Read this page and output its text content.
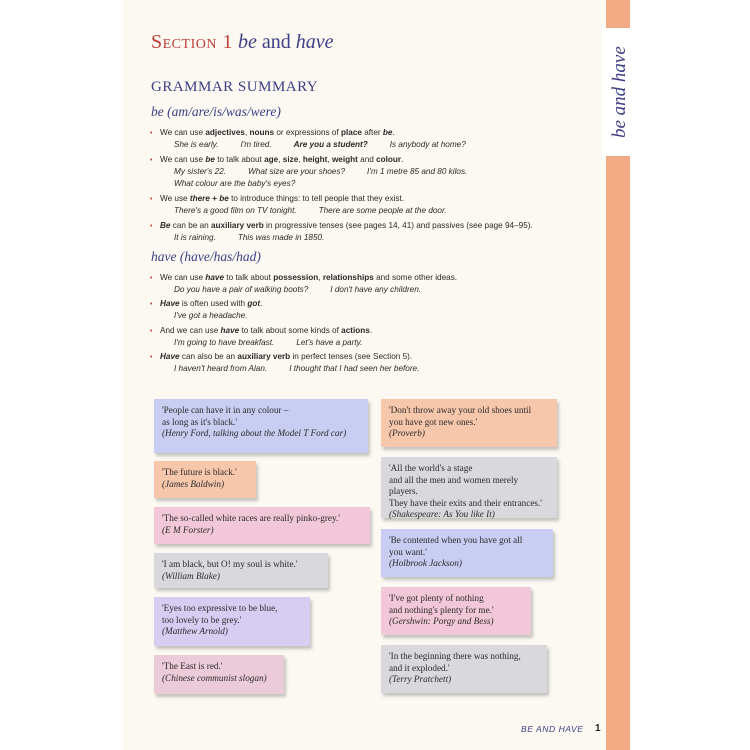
be and have
Section 1 be and have
GRAMMAR SUMMARY
be (am/are/is/was/were)
• We can use adjectives, nouns or expressions of place after be.
She is early.	I'm tired.	Are you a student?	Is anybody at home?
• We can use be to talk about age, size, height, weight and colour.
My sister's 22.	What size are your shoes?	I'm 1 metre 85 and 80 kilos.
What colour are the baby's eyes?
• We use there + be to introduce things: to tell people that they exist.
There's a good film on TV tonight.	There are some people at the door.
• Be can be an auxiliary verb in progressive tenses (see pages 14, 41) and passives (see page 94–95).
It is raining.	This was made in 1850.
have (have/has/had)
• We can use have to talk about possession, relationships and some other ideas.
Do you have a pair of walking boots?	I don't have any children.
• Have is often used with got.
I've got a headache.
• And we can use have to talk about some kinds of actions.
I'm going to have breakfast.	Let's have a party.
• Have can also be an auxiliary verb in perfect tenses (see Section 5).
I haven't heard from Alan.	I thought that I had seen her before.
'People can have it in any colour –
as long as it's black.'
(Henry Ford, talking about the Model T Ford car)
'The future is black.'
(James Baldwin)
'The so-called white races are really pinko-grey.'
(E M Forster)
'I am black, but O! my soul is white.'
(William Blake)
'Eyes too expressive to be blue,
too lovely to be grey.'
(Matthew Arnold)
'The East is red.'
(Chinese communist slogan)
'Don't throw away your old shoes until
you have got new ones.'
(Proverb)
'All the world's a stage
and all the men and women merely players.
They have their exits and their entrances.'
(Shakespeare: As You like It)
'Be contented when you have got all
you want.'
(Holbrook Jackson)
'I've got plenty of nothing
and nothing's plenty for me.'
(Gershwin: Porgy and Bess)
'In the beginning there was nothing,
and it exploded.'
(Terry Pratchett)
BE AND HAVE 1
